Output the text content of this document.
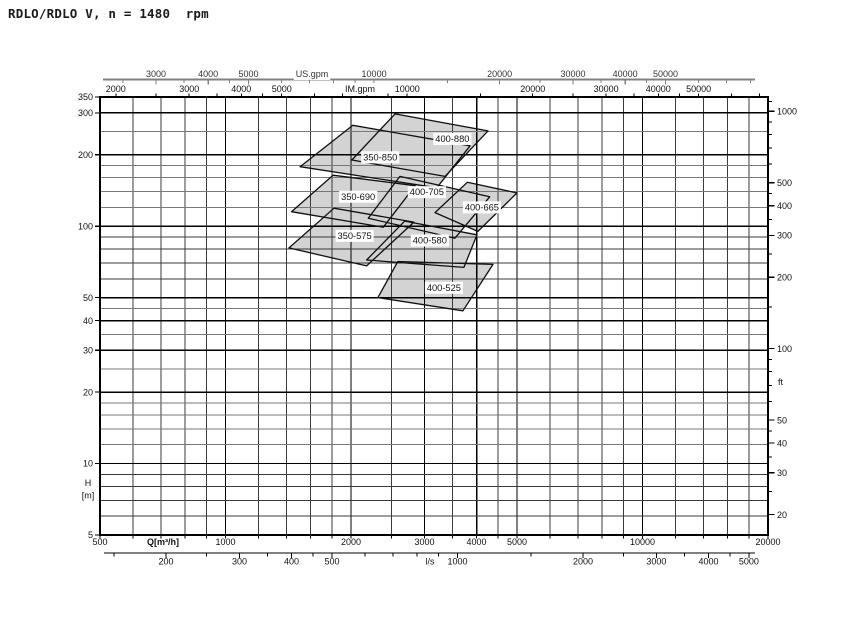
RDLO/RDLO V, n = 1480  rpm
350
300
200
100
50
40
30
20
10
5
H
[m]
1000
500
400
300
200
100
50
40
30
20
ft
500	1000	2000	3000	4000 5000	10000	20000
Q[m³/h]
200	300	400	500	1000	2000	3000	4000 5000
l/s
3000	4000 5000	10000	20000	30000	40000 50000
US.gpm
2000	3000	4000 5000	10000	20000	30000	40000 50000
IM.gpm
350-850
400-880
350-690	400-705
400-665
350-575	400-580
400-525
